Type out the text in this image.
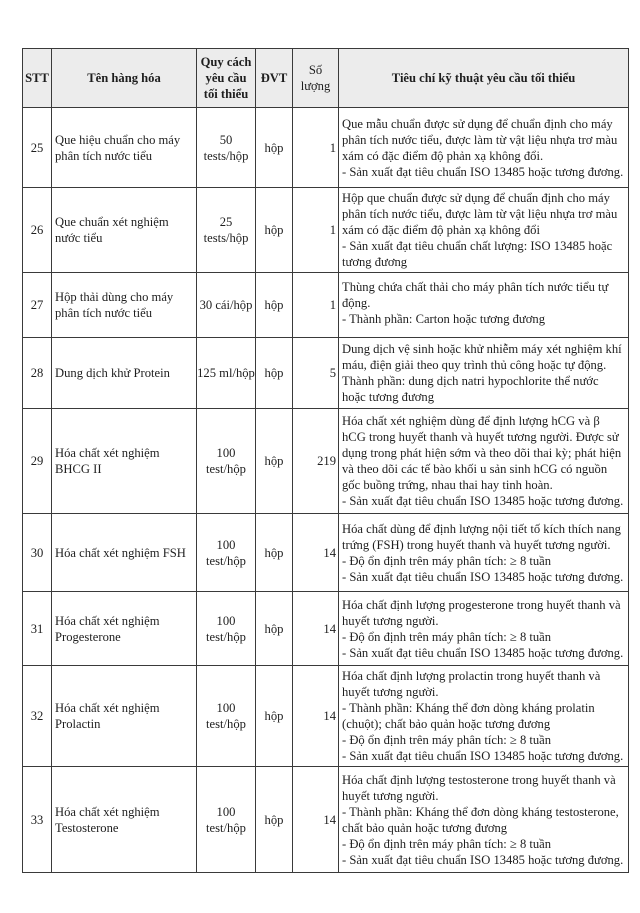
STT	Tên hàng hóa	Quy cách
yêu cầu
tối thiểu	ĐVT	Số
lượng	Tiêu chí kỹ thuật yêu cầu tối thiểu
25	Que hiệu chuẩn cho máy phân tích nước tiểu	50
tests/hộp	hộp	1	Que mẫu chuẩn được sử dụng để chuẩn định cho máy phân tích nước tiểu, được làm từ vật liệu nhựa trơ màu xám có đặc điểm độ phản xạ không đổi.
- Sản xuất đạt tiêu chuẩn ISO 13485 hoặc tương đương.

26	Que chuẩn xét nghiệm nước tiểu	25
tests/hộp	hộp	1	Hộp que chuẩn được sử dụng để chuẩn định cho máy phân tích nước tiểu, được làm từ vật liệu nhựa trơ màu xám có đặc điểm độ phản xạ không đổi
- Sản xuất đạt tiêu chuẩn chất lượng: ISO 13485 hoặc tương đương

27	Hộp thải dùng cho máy phân tích nước tiểu	30 cái/hộp	hộp	1	Thùng chứa chất thải cho máy phân tích nước tiểu tự động.
- Thành phần: Carton hoặc tương đương

28	Dung dịch khử Protein	125 ml/hộp	hộp	5	Dung dịch vệ sinh hoặc khử nhiễm máy xét nghiệm khí máu, điện giải theo quy trình thủ công hoặc tự động.
Thành phần: dung dịch natri hypochlorite thể nước hoặc tương đương

29	Hóa chất xét nghiệm BHCG II	100
test/hộp	hộp	219	Hóa chất xét nghiệm dùng để định lượng hCG và β hCG trong huyết thanh và huyết tương người. Được sử dụng trong phát hiện sớm và theo dõi thai kỳ; phát hiện và theo dõi các tế bào khối u sản sinh hCG có nguồn gốc buồng trứng, nhau thai hay tinh hoàn.
- Sản xuất đạt tiêu chuẩn ISO 13485 hoặc tương đương.

30	Hóa chất xét nghiệm FSH	100
test/hộp	hộp	14	Hóa chất dùng để định lượng nội tiết tố kích thích nang trứng (FSH) trong huyết thanh và huyết tương người.
- Độ ổn định trên máy phân tích: ≥ 8 tuần
- Sản xuất đạt tiêu chuẩn ISO 13485 hoặc tương đương.

31	Hóa chất xét nghiệm Progesterone	100
test/hộp	hộp	14	Hóa chất định lượng progesterone trong huyết thanh và huyết tương người.
- Độ ổn định trên máy phân tích: ≥ 8 tuần
- Sản xuất đạt tiêu chuẩn ISO 13485 hoặc tương đương.

32	Hóa chất xét nghiệm Prolactin	100
test/hộp	hộp	14	Hóa chất định lượng prolactin trong huyết thanh và huyết tương người.
- Thành phần: Kháng thể đơn dòng kháng prolatin (chuột); chất bảo quản hoặc tương đương
- Độ ổn định trên máy phân tích: ≥ 8 tuần
- Sản xuất đạt tiêu chuẩn ISO 13485 hoặc tương đương.

33	Hóa chất xét nghiệm Testosterone	100
test/hộp	hộp	14	Hóa chất định lượng testosterone trong huyết thanh và huyết tương người.
- Thành phần: Kháng thể đơn dòng kháng testosterone, chất bảo quản hoặc tương đương
- Độ ổn định trên máy phân tích: ≥ 8 tuần
- Sản xuất đạt tiêu chuẩn ISO 13485 hoặc tương đương.
